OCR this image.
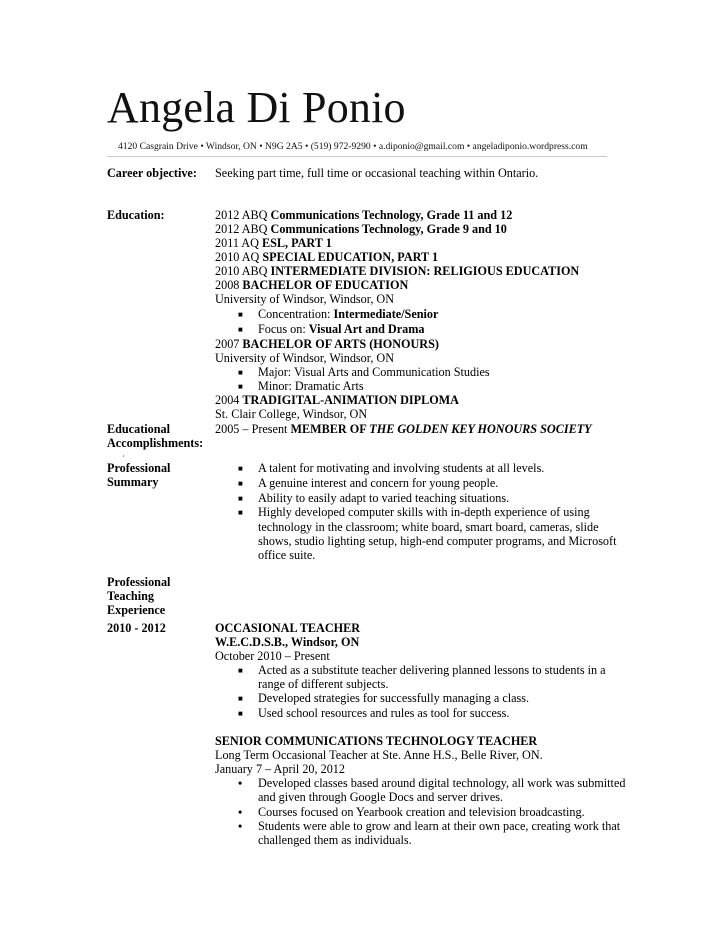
Angela Di Ponio
4120 Casgrain Drive • Windsor, ON • N9G 2A5 • (519) 972-9290 • a.diponio@gmail.com • angeladiponio.wordpress.com
Career objective: Seeking part time, full time or occasional teaching within Ontario.
Education:	2012 ABQ Communications Technology, Grade 11 and 12
2012 ABQ Communications Technology, Grade 9 and 10
2011 AQ ESL, PART 1
2010 AQ SPECIAL EDUCATION, PART 1
2010 ABQ INTERMEDIATE DIVISION: RELIGIOUS EDUCATION
2008 BACHELOR OF EDUCATION
University of Windsor, Windsor, ON
■ Concentration: Intermediate/Senior
■ Focus on: Visual Art and Drama
2007 BACHELOR OF ARTS (HONOURS)
University of Windsor, Windsor, ON
■ Major: Visual Arts and Communication Studies
■ Minor: Dramatic Arts
2004 TRADIGITAL-ANIMATION DIPLOMA
St. Clair College, Windsor, ON
Educational
Accomplishments:
·
2005 – Present MEMBER OF THE GOLDEN KEY HONOURS SOCIETY
Professional
Summary
■ A talent for motivating and involving students at all levels.
■ A genuine interest and concern for young people.
■ Ability to easily adapt to varied teaching situations.
■ Highly developed computer skills with in-depth experience of using
technology in the classroom; white board, smart board, cameras, slide
shows, studio lighting setup, high-end computer programs, and Microsoft
office suite.
Professional
Teaching
Experience
2010 - 2012	OCCASIONAL TEACHER
W.E.C.D.S.B., Windsor, ON
October 2010 – Present
■ Acted as a substitute teacher delivering planned lessons to students in a
range of different subjects.
■ Developed strategies for successfully managing a class.
■ Used school resources and rules as tool for success.
SENIOR COMMUNICATIONS TECHNOLOGY TEACHER
Long Term Occasional Teacher at Ste. Anne H.S., Belle River, ON.
January 7 – April 20, 2012
• Developed classes based around digital technology, all work was submitted
and given through Google Docs and server drives.
• Courses focused on Yearbook creation and television broadcasting.
• Students were able to grow and learn at their own pace, creating work that
challenged them as individuals.
